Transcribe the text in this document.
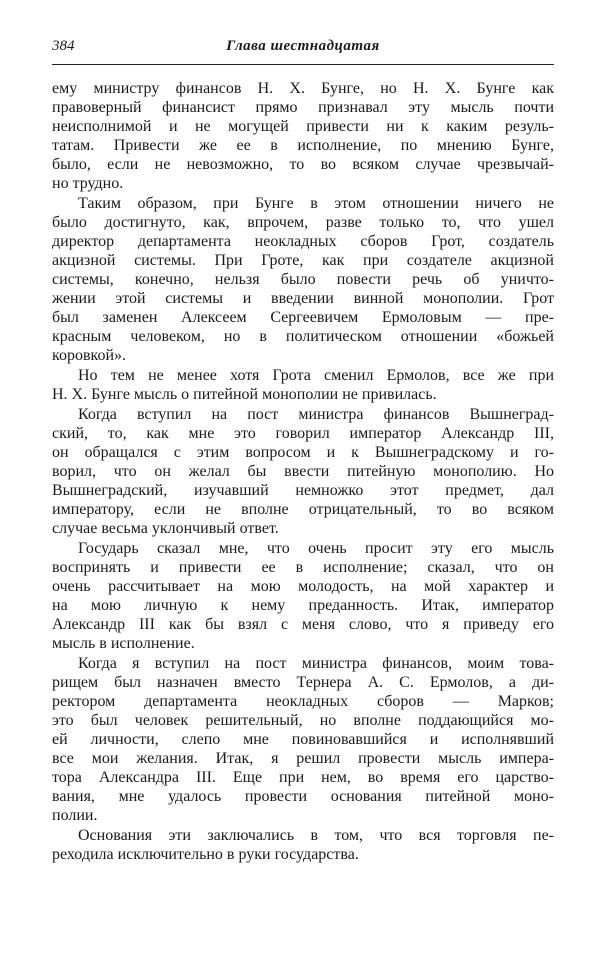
384	Глава шестнадцатая
ему министру финансов Н. Х. Бунге, но Н. Х. Бунге как
правоверный финансист прямо признавал эту мысль почти
неисполнимой и не могущей привести ни к каким резуль-
татам. Привести же ее в исполнение, по мнению Бунге,
было, если не невозможно, то во всяком случае чрезвычай-
но трудно.
Таким образом, при Бунге в этом отношении ничего не
было достигнуто, как, впрочем, разве только то, что ушел
директор департамента неокладных сборов Грот, создатель
акцизной системы. При Гроте, как при создателе акцизной
системы, конечно, нельзя было повести речь об уничто-
жении этой системы и введении винной монополии. Грот
был заменен Алексеем Сергеевичем Ермоловым — пре-
красным человеком, но в политическом отношении «божьей
коровкой».
Но тем не менее хотя Грота сменил Ермолов, все же при
Н. Х. Бунге мысль о питейной монополии не привилась.
Когда вступил на пост министра финансов Вышнеград-
ский, то, как мне это говорил император Александр III,
он обращался с этим вопросом и к Вышнеградскому и го-
ворил, что он желал бы ввести питейную монополию. Но
Вышнеградский, изучавший немножко этот предмет, дал
императору, если не вполне отрицательный, то во всяком
случае весьма уклончивый ответ.
Государь сказал мне, что очень просит эту его мысль
воспринять и привести ее в исполнение; сказал, что он
очень рассчитывает на мою молодость, на мой характер и
на мою личную к нему преданность. Итак, император
Александр III как бы взял с меня слово, что я приведу его
мысль в исполнение.
Когда я вступил на пост министра финансов, моим това-
рищем был назначен вместо Тернера А. С. Ермолов, а ди-
ректором департамента неокладных сборов — Марков;
это был человек решительный, но вполне поддающийся мо-
ей личности, слепо мне повиновавшийся и исполнявший
все мои желания. Итак, я решил провести мысль импера-
тора Александра III. Еще при нем, во время его царство-
вания, мне удалось провести основания питейной моно-
полии.
Основания эти заключались в том, что вся торговля пе-
реходила исключительно в руки государства.
